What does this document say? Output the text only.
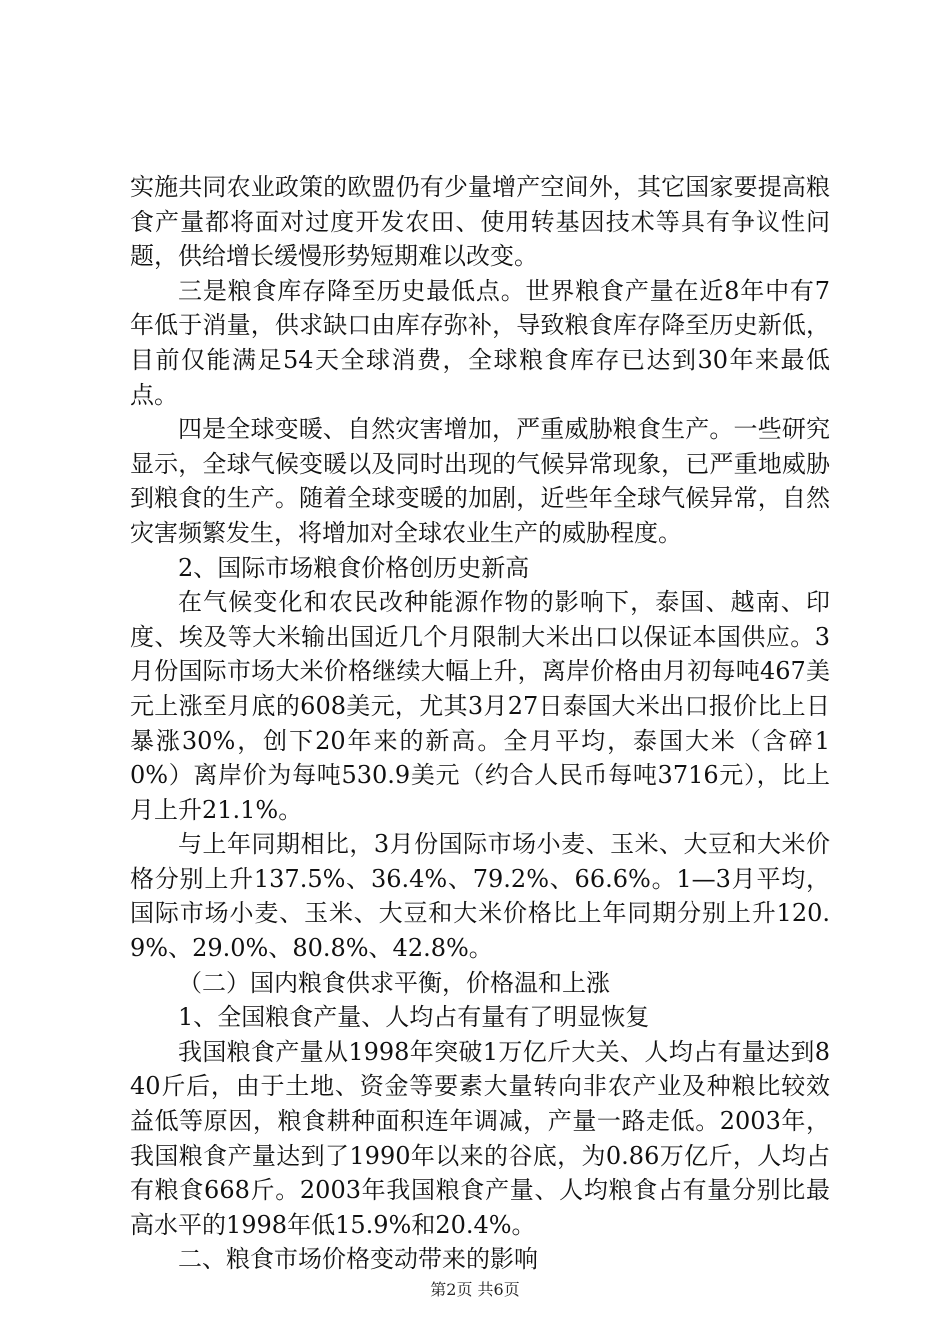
实施共同农业政策的欧盟仍有少量增产空间外，其它国家要提高粮食产量都将面对过度开发农田、使用转基因技术等具有争议性问题，供给增长缓慢形势短期难以改变。

三是粮食库存降至历史最低点。世界粮食产量在近8年中有7年低于消量，供求缺口由库存弥补，导致粮食库存降至历史新低，目前仅能满足54天全球消费，全球粮食库存已达到30年来最低点。

四是全球变暖、自然灾害增加，严重威胁粮食生产。一些研究显示，全球气候变暖以及同时出现的气候异常现象，已严重地威胁到粮食的生产。随着全球变暖的加剧，近些年全球气候异常，自然灾害频繁发生，将增加对全球农业生产的威胁程度。

2、国际市场粮食价格创历史新高

在气候变化和农民改种能源作物的影响下，泰国、越南、印度、埃及等大米输出国近几个月限制大米出口以保证本国供应。3月份国际市场大米价格继续大幅上升，离岸价格由月初每吨467美元上涨至月底的608美元，尤其3月27日泰国大米出口报价比上日暴涨30%，创下20年来的新高。全月平均，泰国大米（含碎10%）离岸价为每吨530.9美元（约合人民币每吨3716元），比上月上升21.1%。

与上年同期相比，3月份国际市场小麦、玉米、大豆和大米价格分别上升137.5%、36.4%、79.2%、66.6%。1—3月平均，国际市场小麦、玉米、大豆和大米价格比上年同期分别上升120.9%、29.0%、80.8%、42.8%。

（二）国内粮食供求平衡，价格温和上涨

1、全国粮食产量、人均占有量有了明显恢复

我国粮食产量从1998年突破1万亿斤大关、人均占有量达到840斤后，由于土地、资金等要素大量转向非农产业及种粮比较效益低等原因，粮食耕种面积连年调减，产量一路走低。2003年，我国粮食产量达到了1990年以来的谷底，为0.86万亿斤，人均占有粮食668斤。2003年我国粮食产量、人均粮食占有量分别比最高水平的1998年低15.9%和20.4%。

二、粮食市场价格变动带来的影响

第2页 共6页
